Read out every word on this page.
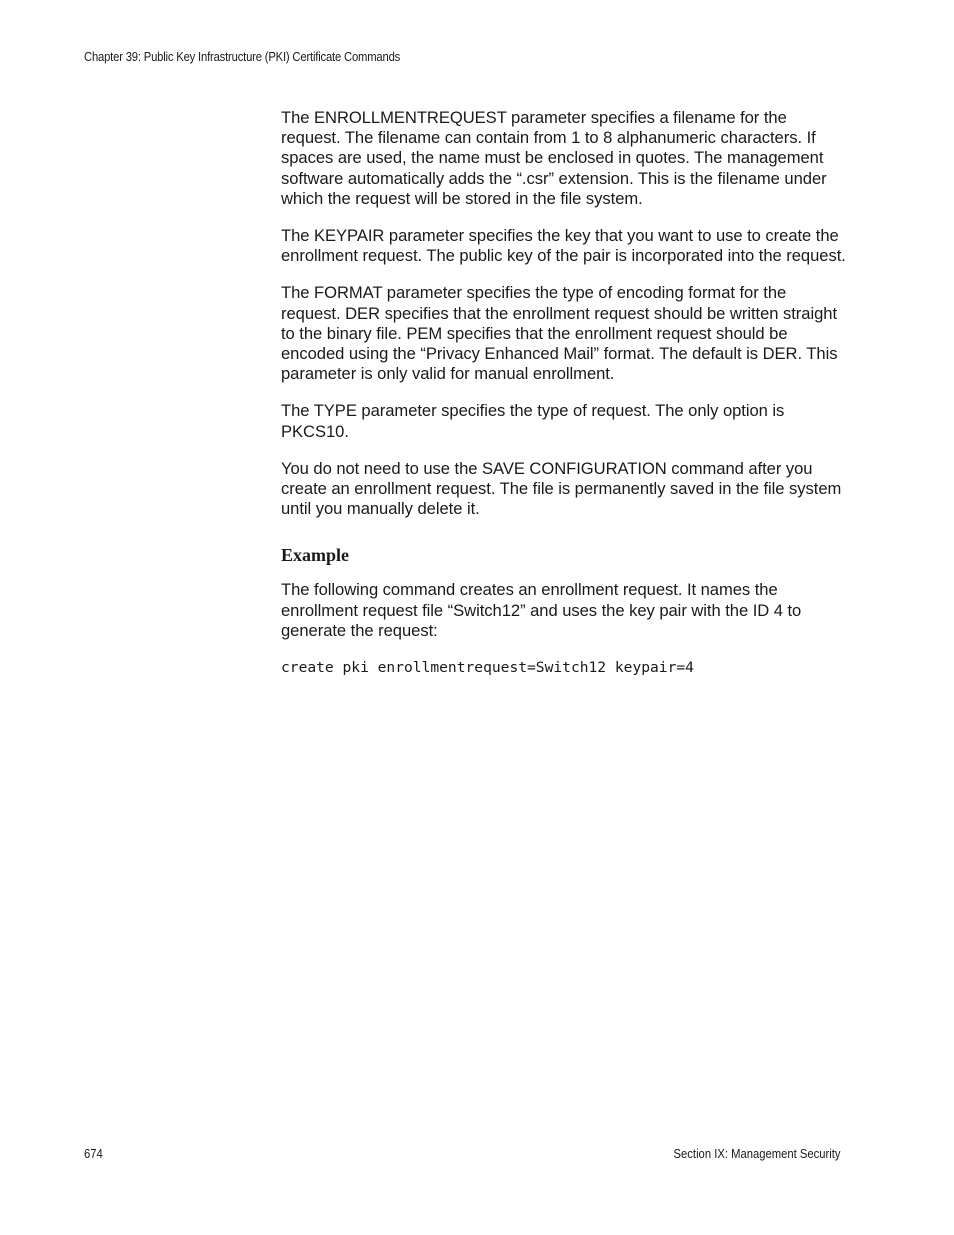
Chapter 39: Public Key Infrastructure (PKI) Certificate Commands

The ENROLLMENTREQUEST parameter specifies a filename for the request. The filename can contain from 1 to 8 alphanumeric characters. If spaces are used, the name must be enclosed in quotes. The management software automatically adds the “.csr” extension. This is the filename under which the request will be stored in the file system.

The KEYPAIR parameter specifies the key that you want to use to create the enrollment request. The public key of the pair is incorporated into the request.

The FORMAT parameter specifies the type of encoding format for the request. DER specifies that the enrollment request should be written straight to the binary file. PEM specifies that the enrollment request should be encoded using the “Privacy Enhanced Mail” format. The default is DER. This parameter is only valid for manual enrollment.

The TYPE parameter specifies the type of request. The only option is PKCS10.

You do not need to use the SAVE CONFIGURATION command after you create an enrollment request. The file is permanently saved in the file system until you manually delete it.

Example

The following command creates an enrollment request. It names the enrollment request file “Switch12” and uses the key pair with the ID 4 to generate the request:

create pki enrollmentrequest=Switch12 keypair=4
674	Section IX: Management Security
